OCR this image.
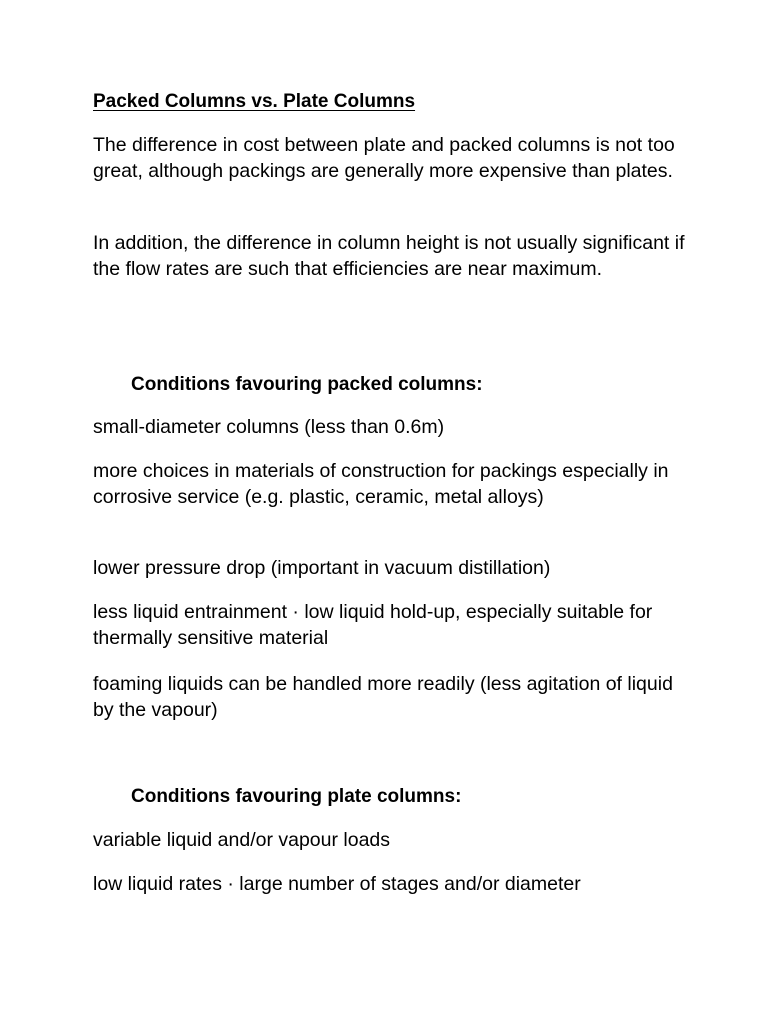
Packed Columns vs. Plate Columns

The difference in cost between plate and packed columns is not too great, although packings are generally more expensive than plates.

In addition, the difference in column height is not usually significant if the flow rates are such that efficiencies are near maximum.

Conditions favouring packed columns:

small-diameter columns (less than 0.6m)

more choices in materials of construction for packings especially in corrosive service (e.g. plastic, ceramic, metal alloys)

lower pressure drop (important in vacuum distillation)

less liquid entrainment · low liquid hold-up, especially suitable for thermally sensitive material

foaming liquids can be handled more readily (less agitation of liquid by the vapour)

Conditions favouring plate columns:

variable liquid and/or vapour loads

low liquid rates · large number of stages and/or diameter
